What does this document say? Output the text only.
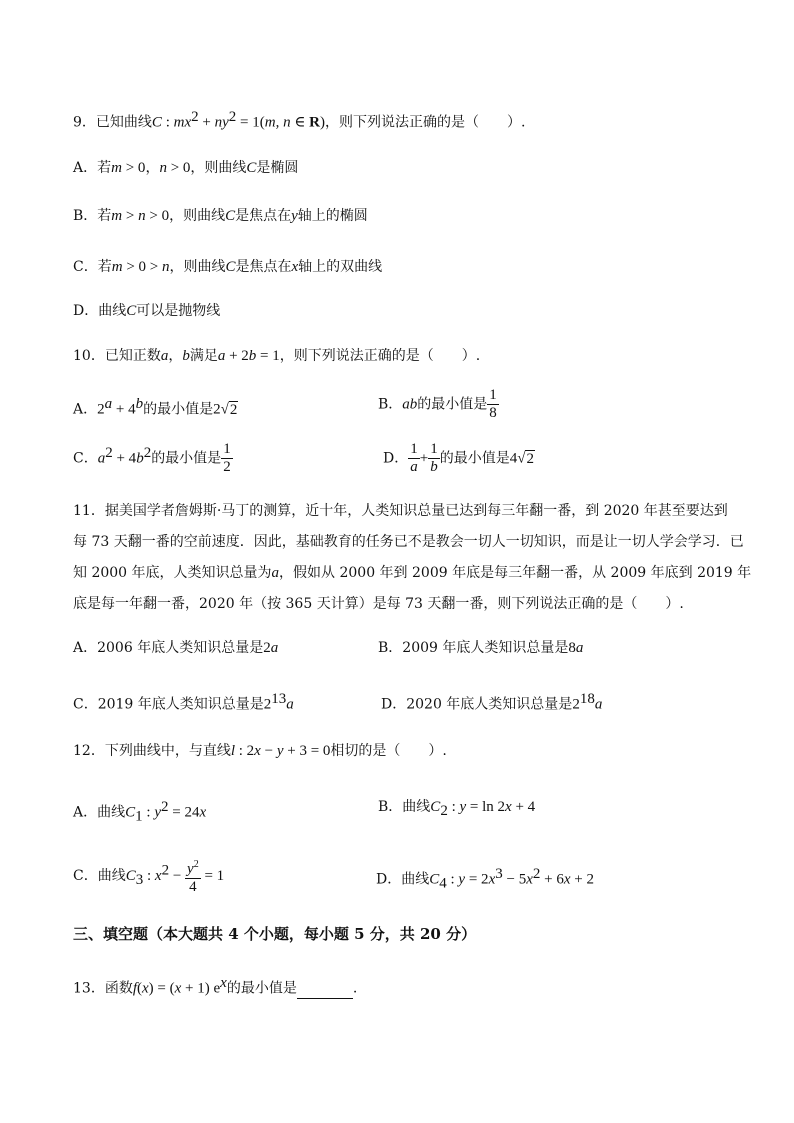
9．已知曲线C : $mx^2 + ny^2 = 1(m$, n ∈ R)，则下列说法正确的是（　　）.
A．若m > 0，n > 0，则曲线C是椭圆
B．若m > n > 0，则曲线C是焦点在y轴上的椭圆
C．若m > 0 > n，则曲线C是焦点在x轴上的双曲线
D．曲线C可以是抛物线
10．已知正数a，b满足a + 2b = 1，则下列说法正确的是（　　）.
A．$2^a + 4^b$的最小值是2√2	B．ab的最小值是 $\frac{1}{8}$
C．$a^2 + 4b^2$的最小值是 $\frac{1}{2}$	D． $\frac{1}{a} + \frac{1}{b}$ 的最小值是4√2
11．据美国学者詹姆斯·马丁的测算，近十年，人类知识总量已达到每三年翻一番，到 2020 年甚至要达到
每 73 天翻一番的空前速度．因此，基础教育的任务已不是教会一切人一切知识，而是让一切人学会学习．已
知 2000 年底，人类知识总量为a，假如从 2000 年到 2009 年底是每三年翻一番，从 2009 年底到 2019 年
底是每一年翻一番，2020 年（按 365 天计算）是每 73 天翻一番，则下列说法正确的是（　　）.
A．2006 年底人类知识总量是2a	B．2009 年底人类知识总量是8a
C．2019 年底人类知识总量是$2^{13}a$	D．2020 年底人类知识总量是$2^{18}a$
12．下列曲线中，与直线l : 2x − y + 3 = 0相切的是（　　）.
A．曲线$C_1$ : $y^2 = 24x$	B．曲线$C_2$ : y = ln 2x + 4
C．曲线$C_3$ : $x^2 - \frac{y^2}{4} = 1$	D．曲线$C_4$ : $y = 2x^3 - 5x^2 + 6x + 2$
三、填空题（本大题共 4 个小题，每小题 5 分，共 20 分）
13．函数f(x) = (x + 1) $e^x$的最小值是	.
